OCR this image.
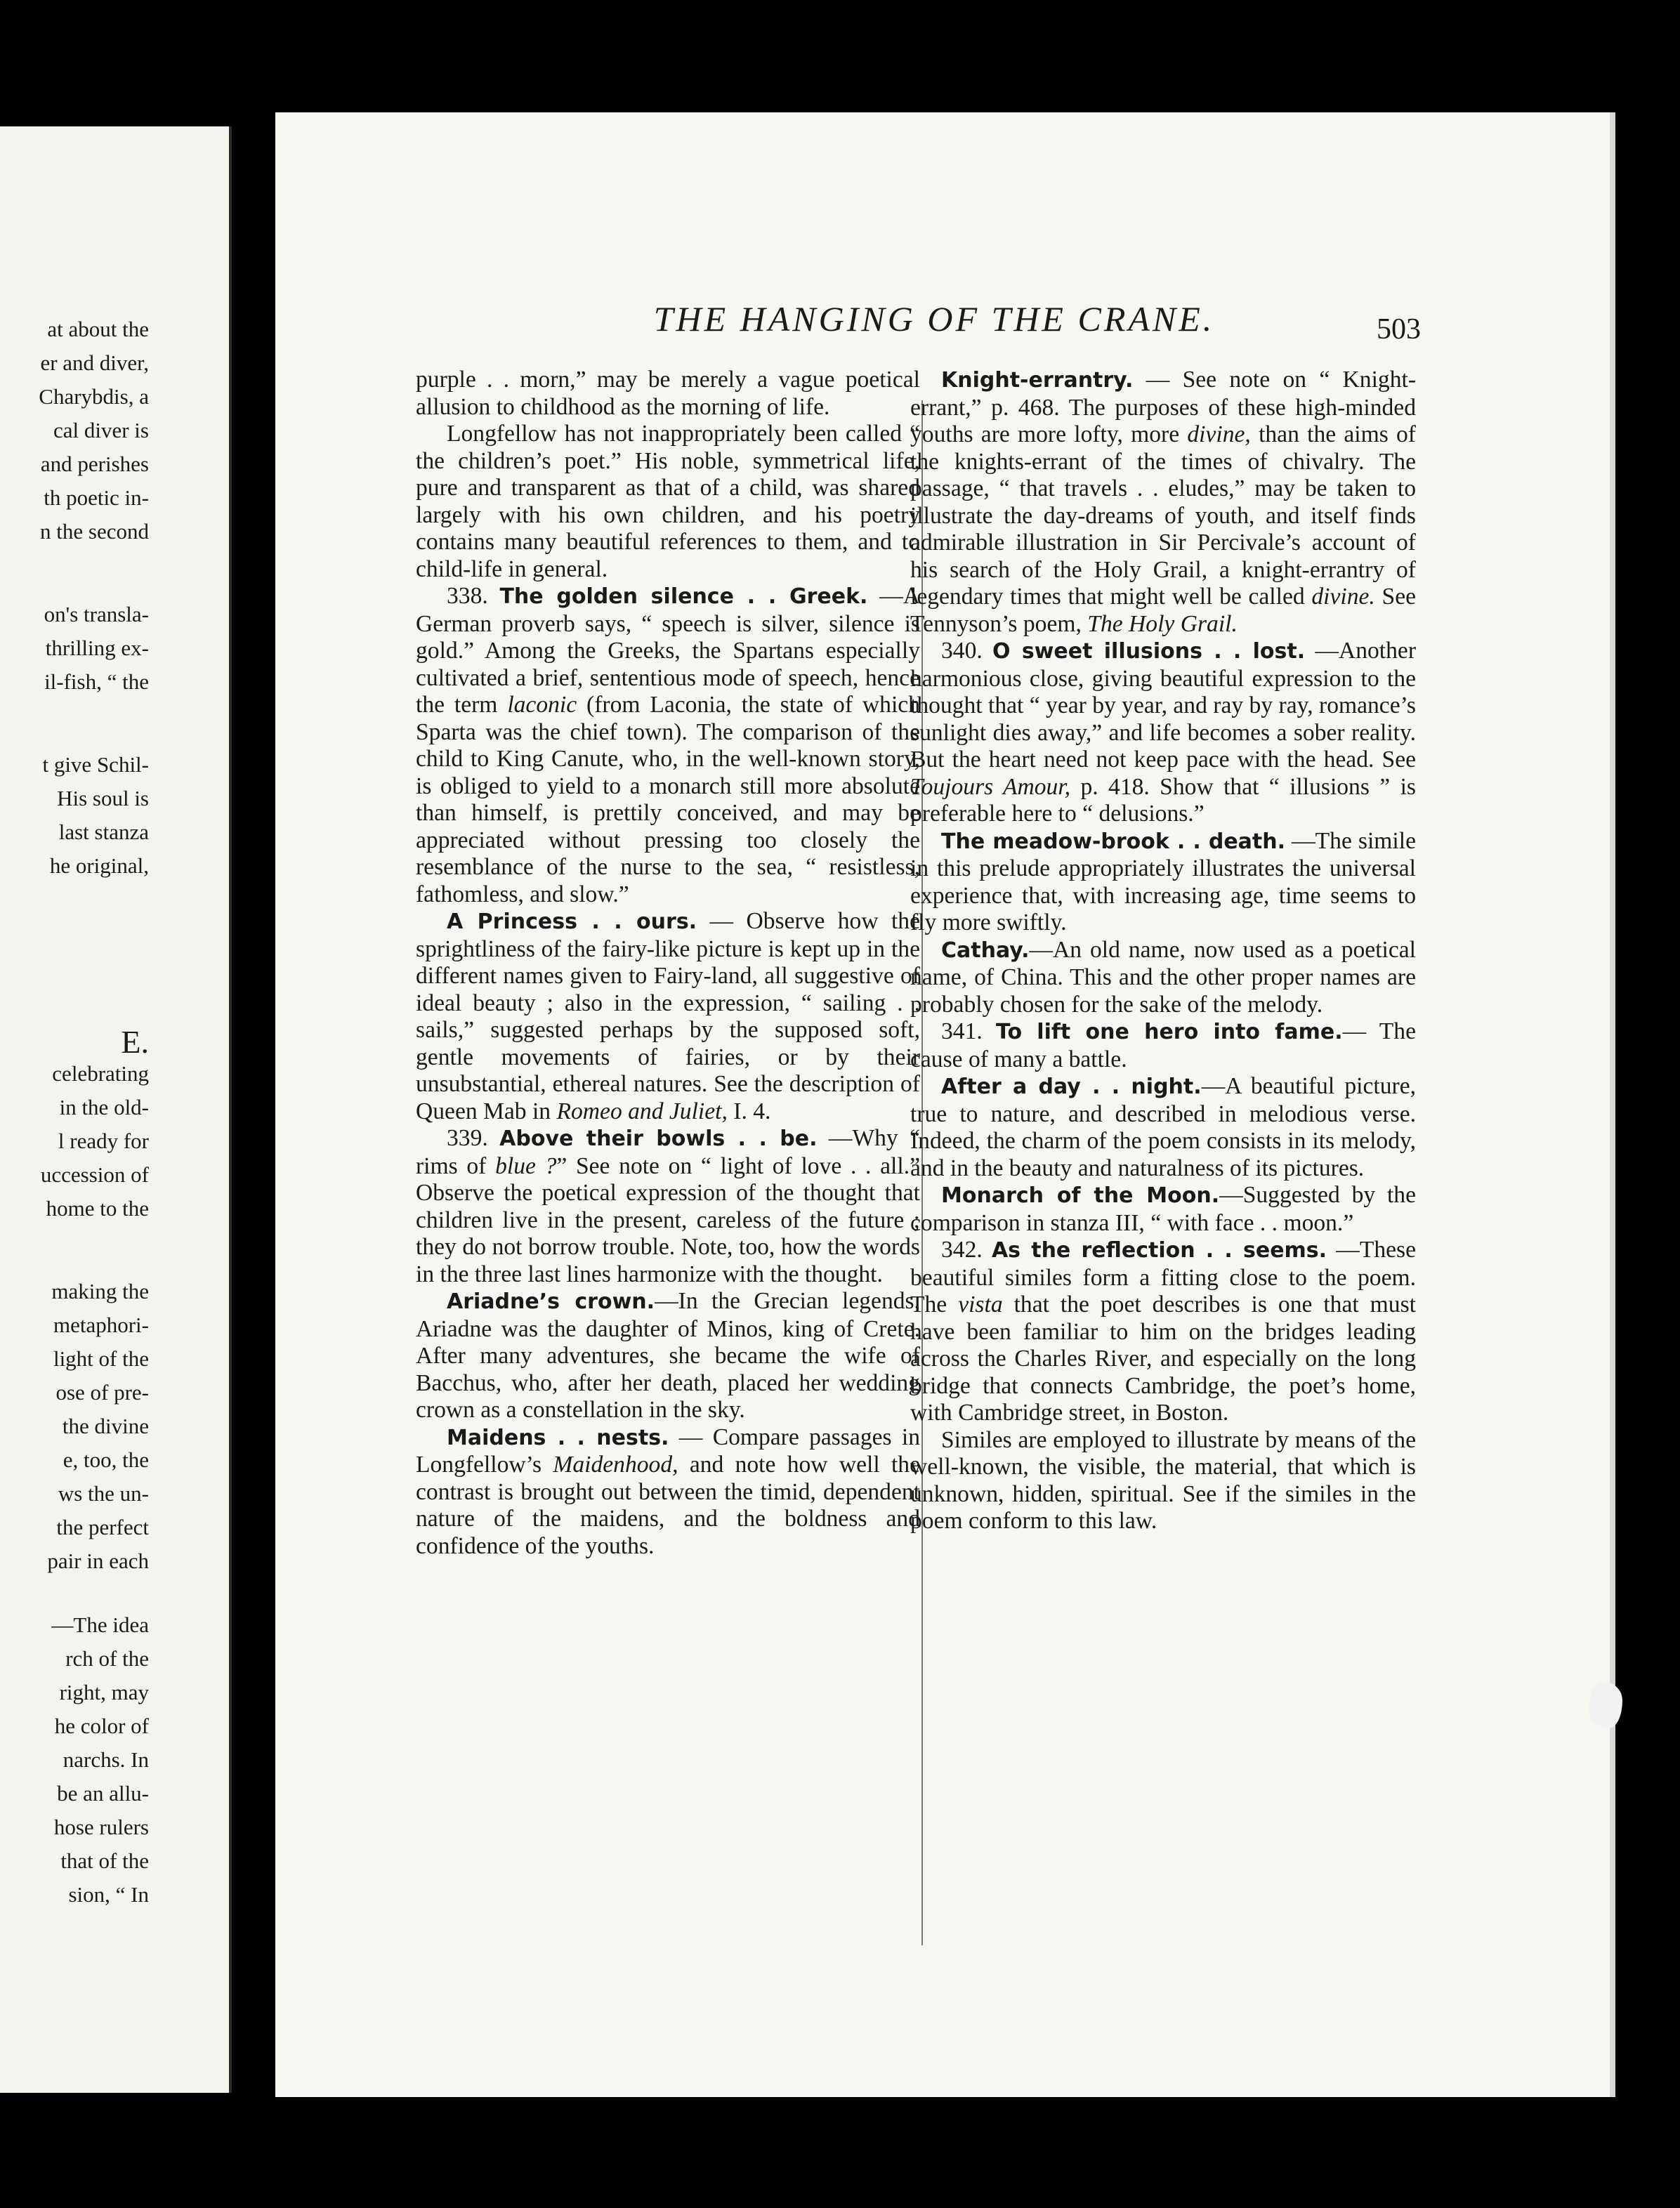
at about the
er and diver,
Charybdis, a
cal diver is
and perishes
th poetic in-
n the second
on's transla-
thrilling ex-
il-fish, “ the
t give Schil-
His soul is
last stanza
he original,
E.
celebrating
in the old-
l ready for
uccession of
home to the
making the
metaphori-
light of the
ose of pre-
the divine
e, too, the
ws the un-
the perfect
pair in each
—The idea
rch of the
right, may
he color of
narchs. In
be an allu-
hose rulers
that of the
sion, “ In
THE HANGING OF THE CRANE.	503

purple . . morn,” may be merely a vague poetical allusion to childhood as the morning of life.

Longfellow has not inappropriately been called “ the children’s poet.” His noble, symmetrical life, pure and transparent as that of a child, was shared largely with his own children, and his poetry contains many beautiful references to them, and to child-life in general.

338. The golden silence . . Greek. —A German proverb says, “ speech is silver, silence is gold.” Among the Greeks, the Spartans especially cultivated a brief, sententious mode of speech, hence the term laconic (from Laconia, the state of which Sparta was the chief town). The comparison of the child to King Canute, who, in the well-known story, is obliged to yield to a monarch still more absolute than himself, is prettily conceived, and may be appreciated without pressing too closely the resemblance of the nurse to the sea, “ resistless, fathomless, and slow.”

A Princess . . ours. — Observe how the sprightliness of the fairy-like picture is kept up in the different names given to Fairy-land, all suggestive of ideal beauty ; also in the expression, “ sailing . . sails,” suggested perhaps by the supposed soft, gentle movements of fairies, or by their unsubstantial, ethereal natures. See the description of Queen Mab in Romeo and Juliet, I. 4.

339. Above their bowls . . be. —Why “ rims of blue ?” See note on “ light of love . . all.” Observe the poetical expression of the thought that children live in the present, careless of the future ; they do not borrow trouble. Note, too, how the words in the three last lines harmonize with the thought.

Ariadne’s crown.—In the Grecian legends, Ariadne was the daughter of Minos, king of Crete. After many adventures, she became the wife of Bacchus, who, after her death, placed her wedding crown as a constellation in the sky.

Maidens . . nests. — Compare passages in Longfellow’s Maidenhood, and note how well the contrast is brought out between the timid, dependent nature of the maidens, and the boldness and confidence of the youths.

Knight-errantry. — See note on “ Knight-errant,” p. 468. The purposes of these high-minded youths are more lofty, more divine, than the aims of the knights-errant of the times of chivalry. The passage, “ that travels . . eludes,” may be taken to illustrate the day-dreams of youth, and itself finds admirable illustration in Sir Percivale’s account of his search of the Holy Grail, a knight-errantry of legendary times that might well be called divine. See Tennyson’s poem, The Holy Grail.

340. O sweet illusions . . lost. —Another harmonious close, giving beautiful expression to the thought that “ year by year, and ray by ray, romance’s sunlight dies away,” and life becomes a sober reality. But the heart need not keep pace with the head. See Toujours Amour, p. 418. Show that “ illusions ” is preferable here to “ delusions.”

The meadow-brook . . death. —The simile in this prelude appropriately illustrates the universal experience that, with increasing age, time seems to fly more swiftly.

Cathay.—An old name, now used as a poetical name, of China. This and the other proper names are probably chosen for the sake of the melody.

341. To lift one hero into fame.— The cause of many a battle.

After a day . . night.—A beautiful picture, true to nature, and described in melodious verse. Indeed, the charm of the poem consists in its melody, and in the beauty and naturalness of its pictures.

Monarch of the Moon.—Suggested by the comparison in stanza III, “ with face . . moon.”

342. As the reflection . . seems. —These beautiful similes form a fitting close to the poem. The vista that the poet describes is one that must have been familiar to him on the bridges leading across the Charles River, and especially on the long bridge that connects Cambridge, the poet’s home, with Cambridge street, in Boston.

Similes are employed to illustrate by means of the well-known, the visible, the material, that which is unknown, hidden, spiritual. See if the similes in the poem conform to this law.
